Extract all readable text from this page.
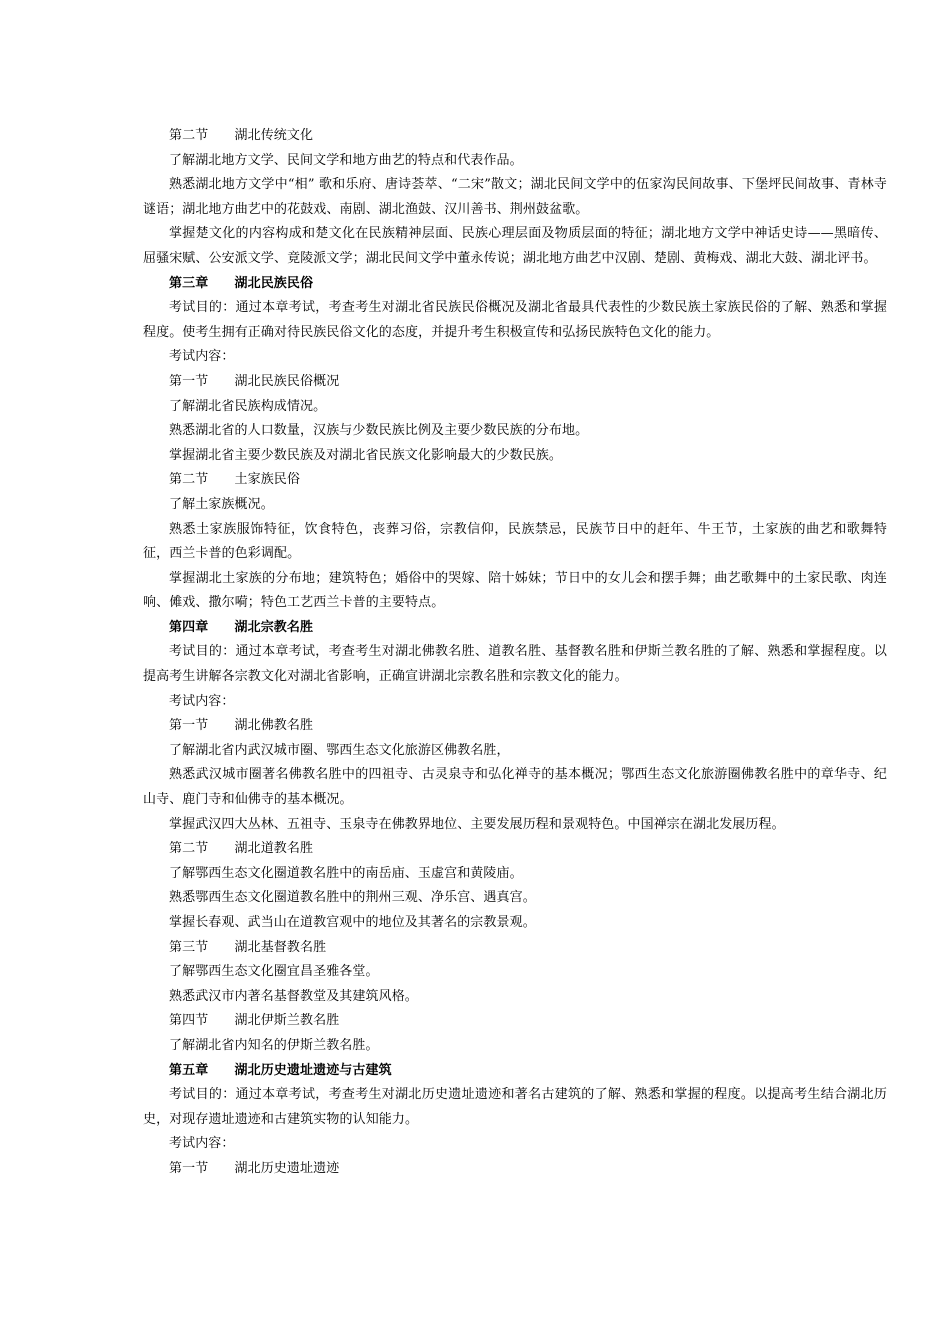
第二节　　湖北传统文化

了解湖北地方文学、民间文学和地方曲艺的特点和代表作品。

熟悉湖北地方文学中“相” 歌和乐府、唐诗荟萃、“二宋”散文；湖北民间文学中的伍家沟民间故事、下堡坪民间故事、青林寺谜语；湖北地方曲艺中的花鼓戏、南剧、湖北渔鼓、汉川善书、荆州鼓盆歌。

掌握楚文化的内容构成和楚文化在民族精神层面、民族心理层面及物质层面的特征；湖北地方文学中神话史诗——黑暗传、屈骚宋赋、公安派文学、竟陵派文学；湖北民间文学中董永传说；湖北地方曲艺中汉剧、楚剧、黄梅戏、湖北大鼓、湖北评书。

第三章　　湖北民族民俗

考试目的：通过本章考试，考查考生对湖北省民族民俗概况及湖北省最具代表性的少数民族土家族民俗的了解、熟悉和掌握程度。使考生拥有正确对待民族民俗文化的态度，并提升考生积极宣传和弘扬民族特色文化的能力。

考试内容：

第一节　　湖北民族民俗概况

了解湖北省民族构成情况。

熟悉湖北省的人口数量，汉族与少数民族比例及主要少数民族的分布地。

掌握湖北省主要少数民族及对湖北省民族文化影响最大的少数民族。

第二节　　土家族民俗

了解土家族概况。

熟悉土家族服饰特征，饮食特色，丧葬习俗，宗教信仰，民族禁忌，民族节日中的赶年、牛王节，土家族的曲艺和歌舞特征，西兰卡普的色彩调配。

掌握湖北土家族的分布地；建筑特色；婚俗中的哭嫁、陪十姊妹；节日中的女儿会和摆手舞；曲艺歌舞中的土家民歌、肉连响、傩戏、撒尔嗬；特色工艺西兰卡普的主要特点。

第四章　　湖北宗教名胜

考试目的：通过本章考试，考查考生对湖北佛教名胜、道教名胜、基督教名胜和伊斯兰教名胜的了解、熟悉和掌握程度。以提高考生讲解各宗教文化对湖北省影响，正确宣讲湖北宗教名胜和宗教文化的能力。

考试内容：

第一节　　湖北佛教名胜

了解湖北省内武汉城市圈、鄂西生态文化旅游区佛教名胜，

熟悉武汉城市圈著名佛教名胜中的四祖寺、古灵泉寺和弘化禅寺的基本概况；鄂西生态文化旅游圈佛教名胜中的章华寺、纪山寺、鹿门寺和仙佛寺的基本概况。

掌握武汉四大丛林、五祖寺、玉泉寺在佛教界地位、主要发展历程和景观特色。中国禅宗在湖北发展历程。

第二节　　湖北道教名胜

了解鄂西生态文化圈道教名胜中的南岳庙、玉虚宫和黄陵庙。

熟悉鄂西生态文化圈道教名胜中的荆州三观、净乐宫、遇真宫。

掌握长春观、武当山在道教宫观中的地位及其著名的宗教景观。

第三节　　湖北基督教名胜

了解鄂西生态文化圈宜昌圣雅各堂。

熟悉武汉市内著名基督教堂及其建筑风格。

第四节　　湖北伊斯兰教名胜

了解湖北省内知名的伊斯兰教名胜。

第五章　　湖北历史遗址遗迹与古建筑

考试目的：通过本章考试，考查考生对湖北历史遗址遗迹和著名古建筑的了解、熟悉和掌握的程度。以提高考生结合湖北历史，对现存遗址遗迹和古建筑实物的认知能力。

考试内容：

第一节　　湖北历史遗址遗迹
